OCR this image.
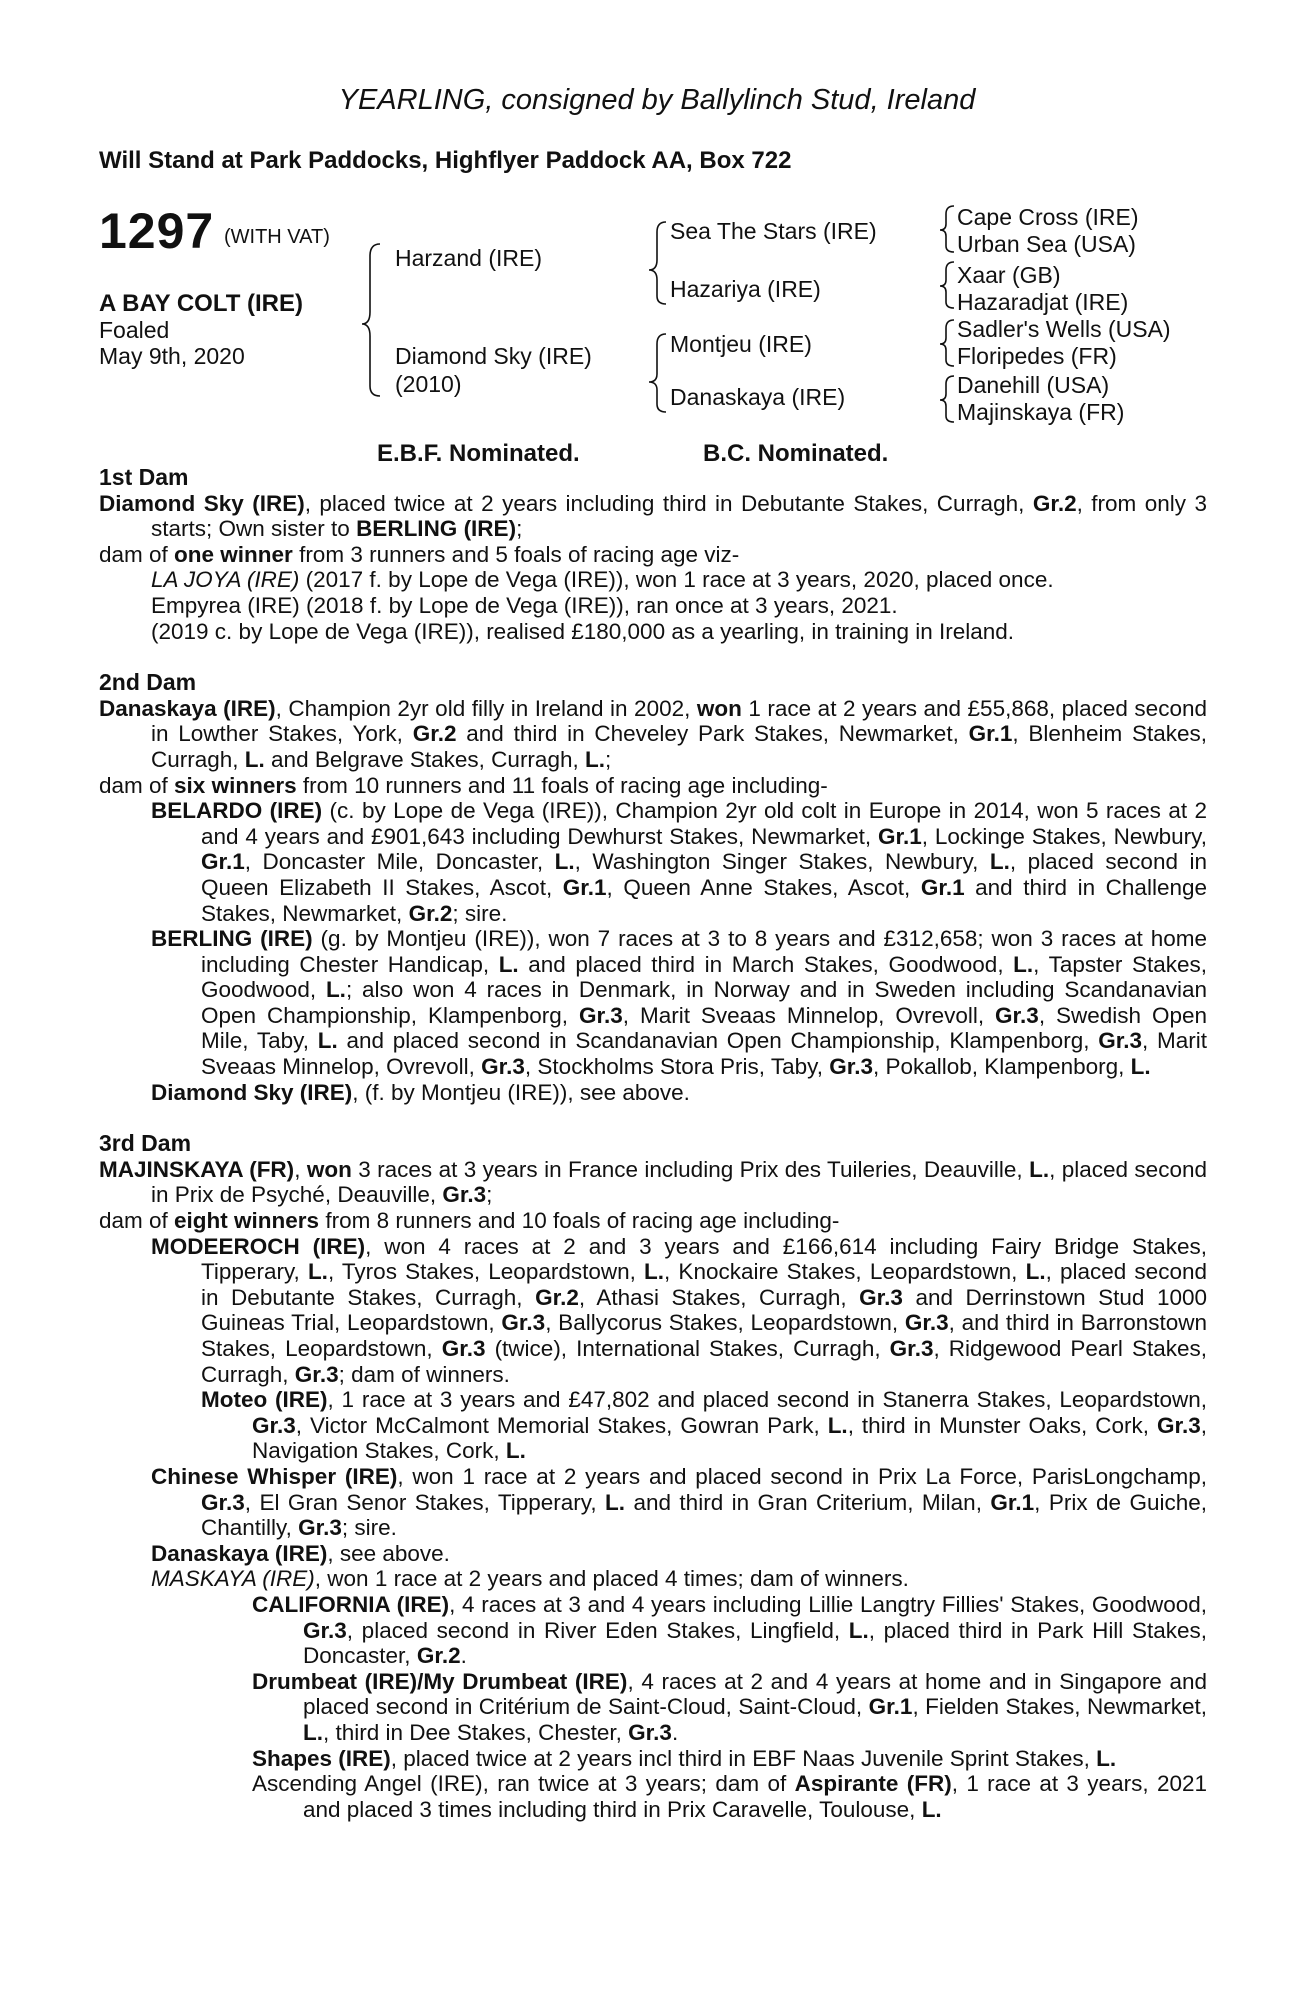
YEARLING, consigned by Ballylinch Stud, Ireland
Will Stand at Park Paddocks, Highflyer Paddock AA, Box 722
1297 (WITH VAT)
A BAY COLT (IRE)
Foaled
May 9th, 2020
Harzand (IRE)
Diamond Sky (IRE)
(2010)
Sea The Stars (IRE)
Hazariya (IRE)
Montjeu (IRE)
Danaskaya (IRE)
Cape Cross (IRE)
Urban Sea (USA)
Xaar (GB)
Hazaradjat (IRE)
Sadler's Wells (USA)
Floripedes (FR)
Danehill (USA)
Majinskaya (FR)
E.B.F. Nominated.	B.C. Nominated.

1st Dam

Diamond Sky (IRE), placed twice at 2 years including third in Debutante Stakes, Curragh, Gr.2, from only 3 starts; Own sister to BERLING (IRE);

dam of one winner from 3 runners and 5 foals of racing age viz-

LA JOYA (IRE) (2017 f. by Lope de Vega (IRE)), won 1 race at 3 years, 2020, placed once.

Empyrea (IRE) (2018 f. by Lope de Vega (IRE)), ran once at 3 years, 2021.

(2019 c. by Lope de Vega (IRE)), realised £180,000 as a yearling, in training in Ireland.

2nd Dam

Danaskaya (IRE), Champion 2yr old filly in Ireland in 2002, won 1 race at 2 years and £55,868, placed second in Lowther Stakes, York, Gr.2 and third in Cheveley Park Stakes, Newmarket, Gr.1, Blenheim Stakes, Curragh, L. and Belgrave Stakes, Curragh, L.;

dam of six winners from 10 runners and 11 foals of racing age including-

BELARDO (IRE) (c. by Lope de Vega (IRE)), Champion 2yr old colt in Europe in 2014, won 5 races at 2 and 4 years and £901,643 including Dewhurst Stakes, Newmarket, Gr.1, Lockinge Stakes, Newbury, Gr.1, Doncaster Mile, Doncaster, L., Washington Singer Stakes, Newbury, L., placed second in Queen Elizabeth II Stakes, Ascot, Gr.1, Queen Anne Stakes, Ascot, Gr.1 and third in Challenge Stakes, Newmarket, Gr.2; sire.

BERLING (IRE) (g. by Montjeu (IRE)), won 7 races at 3 to 8 years and £312,658; won 3 races at home including Chester Handicap, L. and placed third in March Stakes, Goodwood, L., Tapster Stakes, Goodwood, L.; also won 4 races in Denmark, in Norway and in Sweden including Scandanavian Open Championship, Klampenborg, Gr.3, Marit Sveaas Minnelop, Ovrevoll, Gr.3, Swedish Open Mile, Taby, L. and placed second in Scandanavian Open Championship, Klampenborg, Gr.3, Marit Sveaas Minnelop, Ovrevoll, Gr.3, Stockholms Stora Pris, Taby, Gr.3, Pokallob, Klampenborg, L.

Diamond Sky (IRE), (f. by Montjeu (IRE)), see above.

3rd Dam

MAJINSKAYA (FR), won 3 races at 3 years in France including Prix des Tuileries, Deauville, L., placed second in Prix de Psyché, Deauville, Gr.3;

dam of eight winners from 8 runners and 10 foals of racing age including-

MODEEROCH (IRE), won 4 races at 2 and 3 years and £166,614 including Fairy Bridge Stakes, Tipperary, L., Tyros Stakes, Leopardstown, L., Knockaire Stakes, Leopardstown, L., placed second in Debutante Stakes, Curragh, Gr.2, Athasi Stakes, Curragh, Gr.3 and Derrinstown Stud 1000 Guineas Trial, Leopardstown, Gr.3, Ballycorus Stakes, Leopardstown, Gr.3, and third in Barronstown Stakes, Leopardstown, Gr.3 (twice), International Stakes, Curragh, Gr.3, Ridgewood Pearl Stakes, Curragh, Gr.3; dam of winners.

Moteo (IRE), 1 race at 3 years and £47,802 and placed second in Stanerra Stakes, Leopardstown, Gr.3, Victor McCalmont Memorial Stakes, Gowran Park, L., third in Munster Oaks, Cork, Gr.3, Navigation Stakes, Cork, L.

Chinese Whisper (IRE), won 1 race at 2 years and placed second in Prix La Force, ParisLongchamp, Gr.3, El Gran Senor Stakes, Tipperary, L. and third in Gran Criterium, Milan, Gr.1, Prix de Guiche, Chantilly, Gr.3; sire.

Danaskaya (IRE), see above.

MASKAYA (IRE), won 1 race at 2 years and placed 4 times; dam of winners.

CALIFORNIA (IRE), 4 races at 3 and 4 years including Lillie Langtry Fillies' Stakes, Goodwood, Gr.3, placed second in River Eden Stakes, Lingfield, L., placed third in Park Hill Stakes, Doncaster, Gr.2.

Drumbeat (IRE)/My Drumbeat (IRE), 4 races at 2 and 4 years at home and in Singapore and placed second in Critérium de Saint-Cloud, Saint-Cloud, Gr.1, Fielden Stakes, Newmarket, L., third in Dee Stakes, Chester, Gr.3.

Shapes (IRE), placed twice at 2 years incl third in EBF Naas Juvenile Sprint Stakes, L.

Ascending Angel (IRE), ran twice at 3 years; dam of Aspirante (FR), 1 race at 3 years, 2021 and placed 3 times including third in Prix Caravelle, Toulouse, L.
